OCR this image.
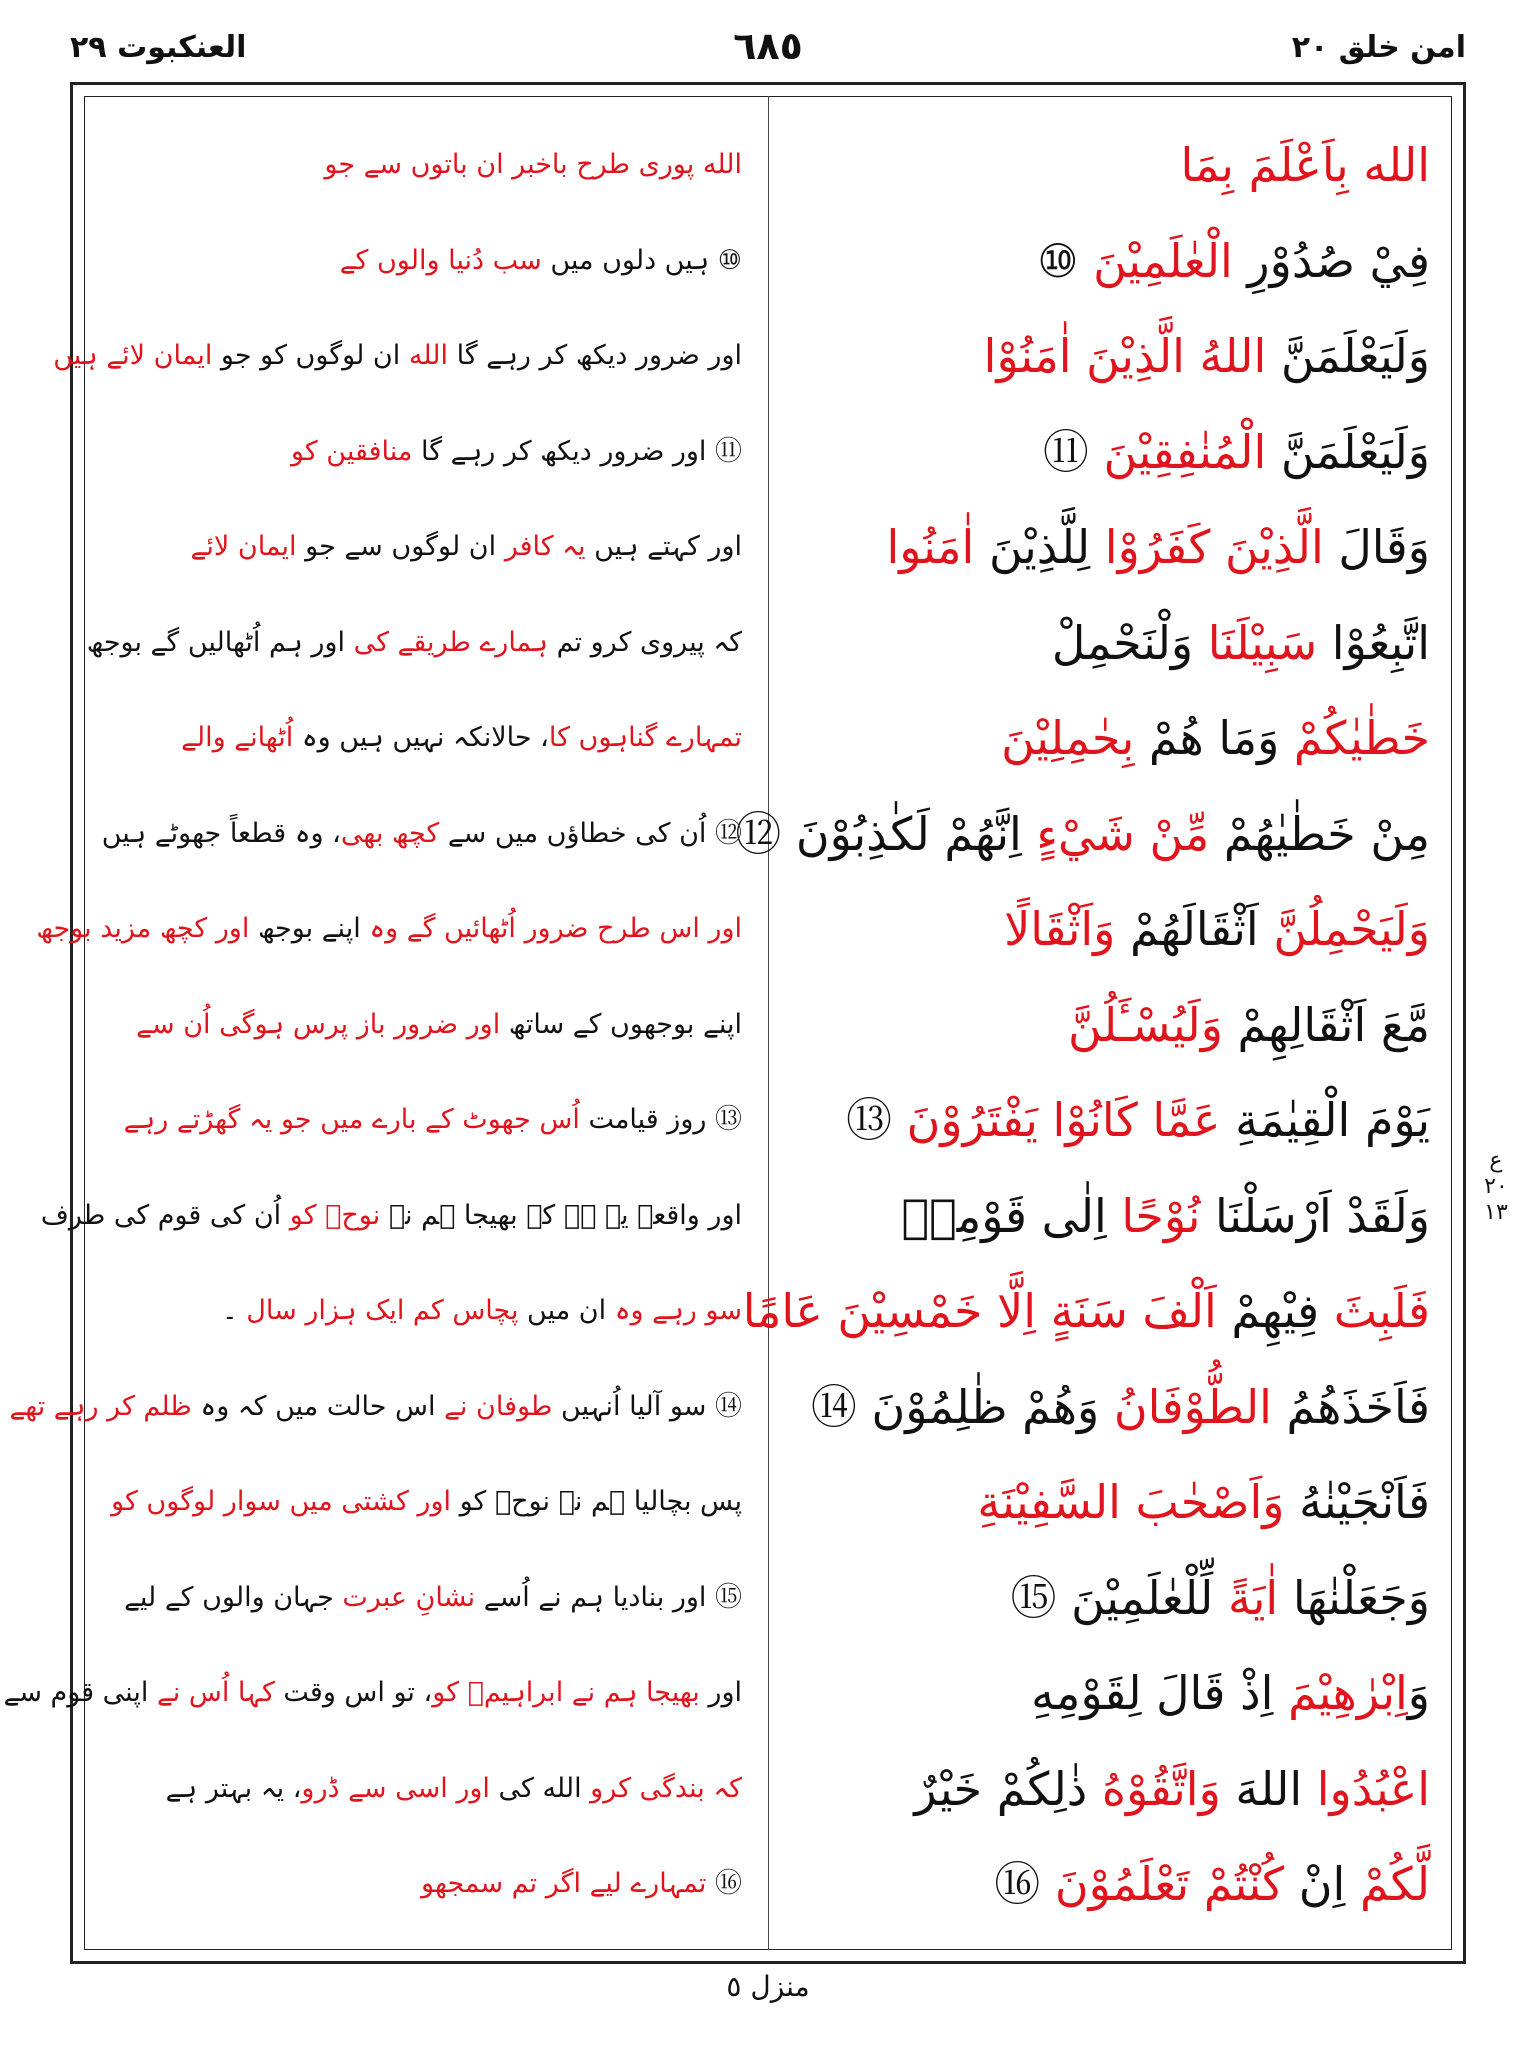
العنكبوت ٢٩	٦٨٥	امن خلق ٢٠
ع ٢٠ ١٣
الله بِاَعْلَمَ بِمَا
الله پوری طرح باخبر ان باتوں سے جو
فِيْ صُدُوْرِ الْعٰلَمِيْنَ ⑩
⑩ ہیں دلوں میں سب دُنیا والوں کے
وَلَيَعْلَمَنَّ اللهُ الَّذِيْنَ اٰمَنُوْا
اور ضرور دیکھ کر رہے گا الله ان لوگوں کو جو ایمان لائے ہیں
وَلَيَعْلَمَنَّ الْمُنٰفِقِيْنَ ⑪
⑪ اور ضرور دیکھ کر رہے گا منافقین کو
وَقَالَ الَّذِيْنَ كَفَرُوْا لِلَّذِيْنَ اٰمَنُوا
اور کہتے ہیں یہ کافر ان لوگوں سے جو ایمان لائے
اتَّبِعُوْا سَبِيْلَنَا وَلْنَحْمِلْ
کہ پیروی کرو تم ہمارے طریقے کی اور ہم اُٹھالیں گے بوجھ
خَطٰيٰكُمْ وَمَا هُمْ بِحٰمِلِيْنَ
تمہارے گناہوں کا، حالانکہ نہیں ہیں وہ اُٹھانے والے
مِنْ خَطٰيٰهُمْ مِّنْ شَيْءٍ اِنَّهُمْ لَكٰذِبُوْنَ ⑫
⑫ اُن کی خطاؤں میں سے کچھ بھی، وہ قطعاً جھوٹے ہیں
وَلَيَحْمِلُنَّ اَثْقَالَهُمْ وَاَثْقَالًا
اور اس طرح ضرور اُٹھائیں گے وہ اپنے بوجھ اور کچھ مزید بوجھ
مَّعَ اَثْقَالِهِمْ وَلَيُسْـَٔلُنَّ
اپنے بوجھوں کے ساتھ اور ضرور باز پرس ہوگی اُن سے
يَوْمَ الْقِيٰمَةِ عَمَّا كَانُوْا يَفْتَرُوْنَ ⑬
⑬ روز قیامت اُس جھوٹ کے بارے میں جو یہ گھڑتے رہے
وَلَقَدْ اَرْسَلْنَا نُوْحًا اِلٰى قَوْمِهٖ
اور واقعہ یہ ہے کہ بھیجا ہم نے نوحؑ کو اُن کی قوم کی طرف
فَلَبِثَ فِيْهِمْ اَلْفَ سَنَةٍ اِلَّا خَمْسِيْنَ عَامًا
سو رہے وہ ان میں پچاس کم ایک ہزار سال ۔
فَاَخَذَهُمُ الطُّوْفَانُ وَهُمْ ظٰلِمُوْنَ ⑭
⑭ سو آلیا اُنہیں طوفان نے اس حالت میں کہ وہ ظلم کر رہے تھے
فَاَنْجَيْنٰهُ وَاَصْحٰبَ السَّفِيْنَةِ
پس بچالیا ہم نے نوحؑ کو اور کشتی میں سوار لوگوں کو
وَجَعَلْنٰهَا اٰيَةً لِّلْعٰلَمِيْنَ ⑮
⑮ اور بنادیا ہم نے اُسے نشانِ عبرت جہان والوں کے لیے
وَاِبْرٰهِيْمَ اِذْ قَالَ لِقَوْمِهِ
اور بھیجا ہم نے ابراہیمؑ کو، تو اس وقت کہا اُس نے اپنی قوم سے
اعْبُدُوا اللهَ وَاتَّقُوْهُ ذٰلِكُمْ خَيْرٌ
کہ بندگی کرو الله کی اور اسی سے ڈرو، یہ بہتر ہے
لَّكُمْ اِنْ كُنْتُمْ تَعْلَمُوْنَ ⑯
⑯ تمہارے لیے اگر تم سمجھو
منزل ٥
